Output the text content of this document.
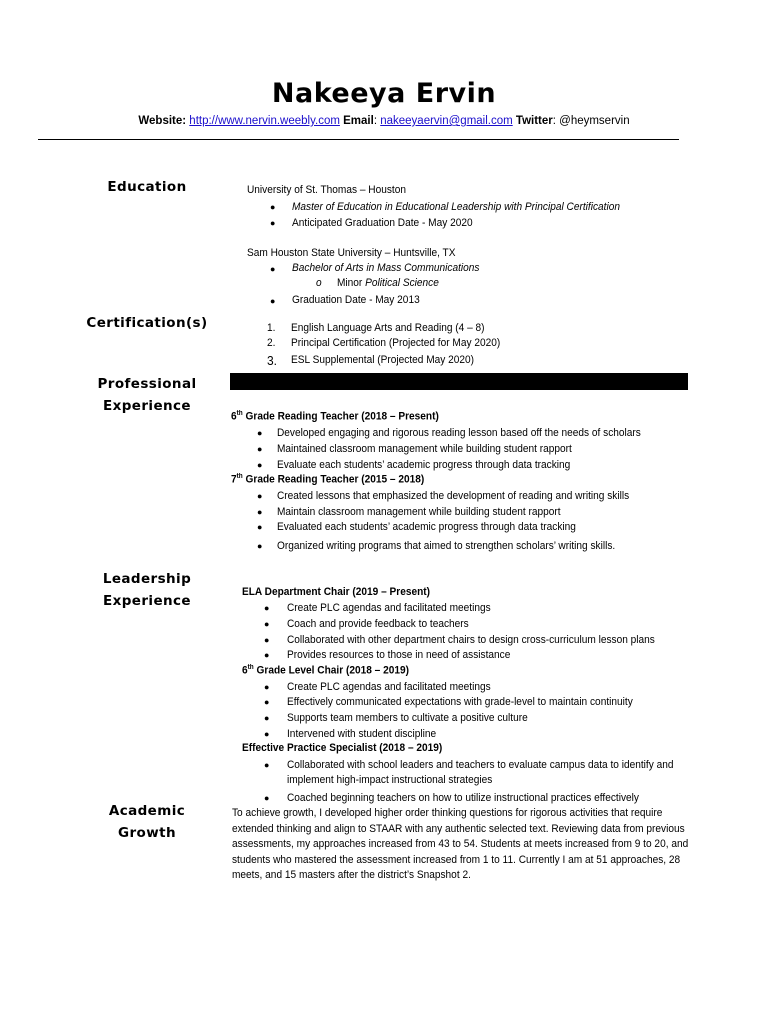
Nakeeya Ervin
Website: http://www.nervin.weebly.com Email: nakeeyaervin@gmail.com Twitter: @heymservin
Education
Certification(s)
Professional
Experience
Leadership
Experience
Academic
Growth
University of St. Thomas – Houston
● Master of Education in Educational Leadership with Principal Certification
● Anticipated Graduation Date - May 2020
Sam Houston State University – Huntsville, TX
● Bachelor of Arts in Mass Communications
o Minor Political Science
● Graduation Date - May 2013
1. English Language Arts and Reading (4 – 8)
2. Principal Certification (Projected for May 2020)
3. ESL Supplemental (Projected May 2020)
6th Grade Reading Teacher (2018 – Present)
● Developed engaging and rigorous reading lesson based off the needs of scholars
● Maintained classroom management while building student rapport
● Evaluate each students’ academic progress through data tracking
7th Grade Reading Teacher (2015 – 2018)
● Created lessons that emphasized the development of reading and writing skills
● Maintain classroom management while building student rapport
● Evaluated each students’ academic progress through data tracking
● Organized writing programs that aimed to strengthen scholars’ writing skills.
ELA Department Chair (2019 – Present)
● Create PLC agendas and facilitated meetings
● Coach and provide feedback to teachers
● Collaborated with other department chairs to design cross-curriculum lesson plans
● Provides resources to those in need of assistance
6th Grade Level Chair (2018 – 2019)
● Create PLC agendas and facilitated meetings
● Effectively communicated expectations with grade-level to maintain continuity
● Supports team members to cultivate a positive culture
● Intervened with student discipline
Effective Practice Specialist (2018 – 2019)
● Collaborated with school leaders and teachers to evaluate campus data to identify and
implement high-impact instructional strategies
● Coached beginning teachers on how to utilize instructional practices effectively
To achieve growth, I developed higher order thinking questions for rigorous activities that require extended thinking and align to STAAR with any authentic selected text. Reviewing data from previous assessments, my approaches increased from 43 to 54. Students at meets increased from 9 to 20, and students who mastered the assessment increased from 1 to 11. Currently I am at 51 approaches, 28 meets, and 15 masters after the district’s Snapshot 2.
